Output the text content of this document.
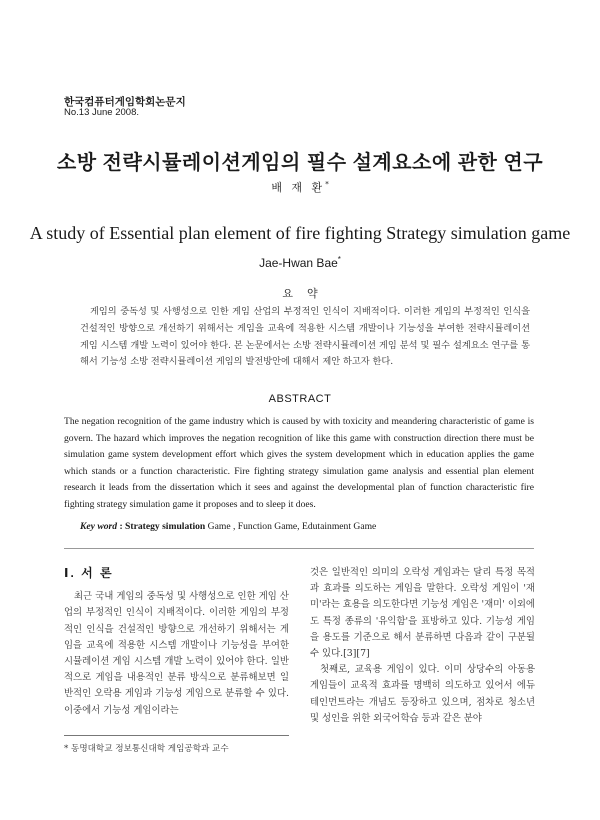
한국컴퓨터게임학회논문지
No.13 June 2008.
소방 전략시뮬레이션게임의 필수 설계요소에 관한 연구
배 재 환*
A study of Essential plan element of fire fighting Strategy simulation game
Jae-Hwan Bae*
요약
게임의 중독성 및 사행성으로 인한 게임 산업의 부정적인 인식이 지배적이다. 이러한 게임의 부정적인 인식을 건설적인 방향으로 개선하기 위해서는 게임을 교육에 적용한 시스템 개발이나 기능성을 부여한 전략시뮬레이션 게임 시스템 개발 노력이 있어야 한다. 본 논문에서는 소방 전략시뮬레이션 게임 분석 및 필수 설계요소 연구를 통해서 기능성 소방 전략시뮬레이션 게임의 발전방안에 대해서 제안 하고자 한다.
ABSTRACT
The negation recognition of the game industry which is caused by with toxicity and meandering characteristic of game is govern. The hazard which improves the negation recognition of like this game with construction direction there must be simulation game system development effort which gives the system development which in education applies the game which stands or a function characteristic. Fire fighting strategy simulation game analysis and essential plan element research it leads from the dissertation which it sees and against the developmental plan of function characteristic fire fighting strategy simulation game it proposes and to sleep it does.
Key word : Strategy simulation Game , Function Game, Edutainment Game
Ⅰ. 서 론

최근 국내 게임의 중독성 및 사행성으로 인한 게임 산업의 부정적인 인식이 지배적이다. 이러한 게임의 부정적인 인식을 건설적인 방향으로 개선하기 위해서는 게임을 교육에 적용한 시스템 개발이나 기능성을 부여한 시뮬레이션 게임 시스템 개발 노력이 있어야 한다. 일반적으로 게임을 내용적인 분류 방식으로 분류해보면 일반적인 오락용 게임과 기능성 게임으로 분류할 수 있다. 이중에서 기능성 게임이라는

것은 일반적인 의미의 오락성 게임과는 달리 특정 목적과 효과를 의도하는 게임을 말한다. 오락성 게임이 '재미'라는 효용을 의도한다면 기능성 게임은 '재미' 이외에도 특정 종류의 '유익함'을 표방하고 있다. 기능성 게임을 용도를 기준으로 해서 분류하면 다음과 같이 구분될 수 있다.[3][7]

첫째로, 교육용 게임이 있다. 이미 상당수의 아동용 게임들이 교육적 효과를 명백히 의도하고 있어서 에듀테인먼트라는 개념도 등장하고 있으며, 점차로 청소년 및 성인을 위한 외국어학습 등과 같은 분야

* 동명대학교 정보통신대학 게임공학과 교수
